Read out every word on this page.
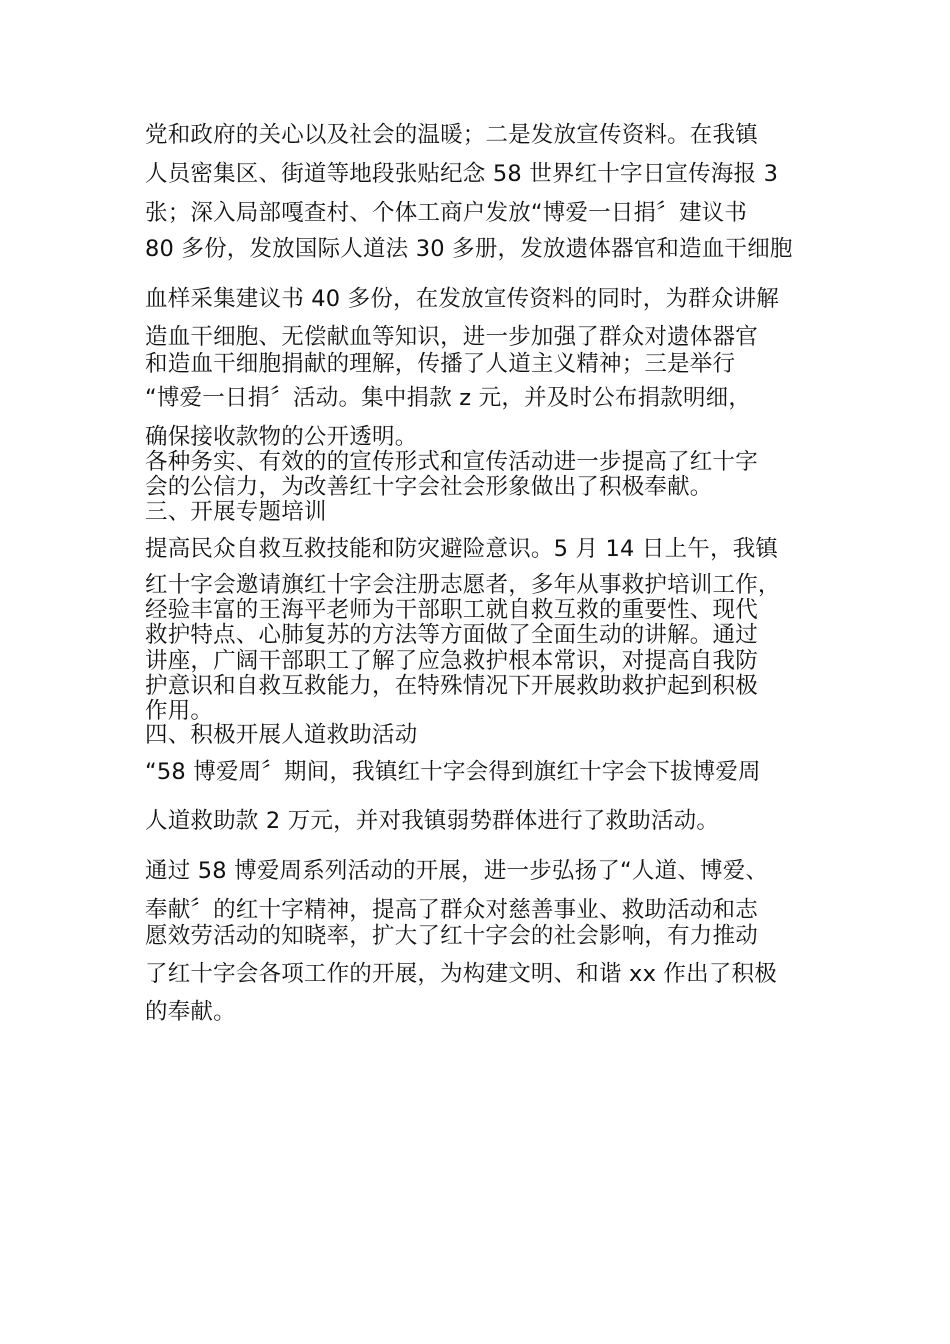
党和政府的关心以及社会的温暖；二是发放宣传资料。在我镇
人员密集区、街道等地段张贴纪念 58 世界红十字日宣传海报 3
张；深入局部嘎查村、个体工商户发放“博爱一日捐〞建议书
80 多份，发放国际人道法 30 多册，发放遗体器官和造血干细胞
血样采集建议书 40 多份，在发放宣传资料的同时，为群众讲解
造血干细胞、无偿献血等知识，进一步加强了群众对遗体器官
和造血干细胞捐献的理解，传播了人道主义精神；三是举行
“博爱一日捐〞活动。集中捐款 z 元，并及时公布捐款明细，
确保接收款物的公开透明。
各种务实、有效的的宣传形式和宣传活动进一步提高了红十字
会的公信力，为改善红十字会社会形象做出了积极奉献。
三、开展专题培训
提高民众自救互救技能和防灾避险意识。5 月 14 日上午，我镇
红十字会邀请旗红十字会注册志愿者，多年从事救护培训工作，
经验丰富的王海平老师为干部职工就自救互救的重要性、现代
救护特点、心肺复苏的方法等方面做了全面生动的讲解。通过
讲座，广阔干部职工了解了应急救护根本常识，对提高自我防
护意识和自救互救能力，在特殊情况下开展救助救护起到积极
作用。
四、积极开展人道救助活动
“58 博爱周〞期间，我镇红十字会得到旗红十字会下拔博爱周
人道救助款 2 万元，并对我镇弱势群体进行了救助活动。
通过 58 博爱周系列活动的开展，进一步弘扬了“人道、博爱、
奉献〞的红十字精神，提高了群众对慈善事业、救助活动和志
愿效劳活动的知晓率，扩大了红十字会的社会影响，有力推动
了红十字会各项工作的开展，为构建文明、和谐 xx 作出了积极
的奉献。
